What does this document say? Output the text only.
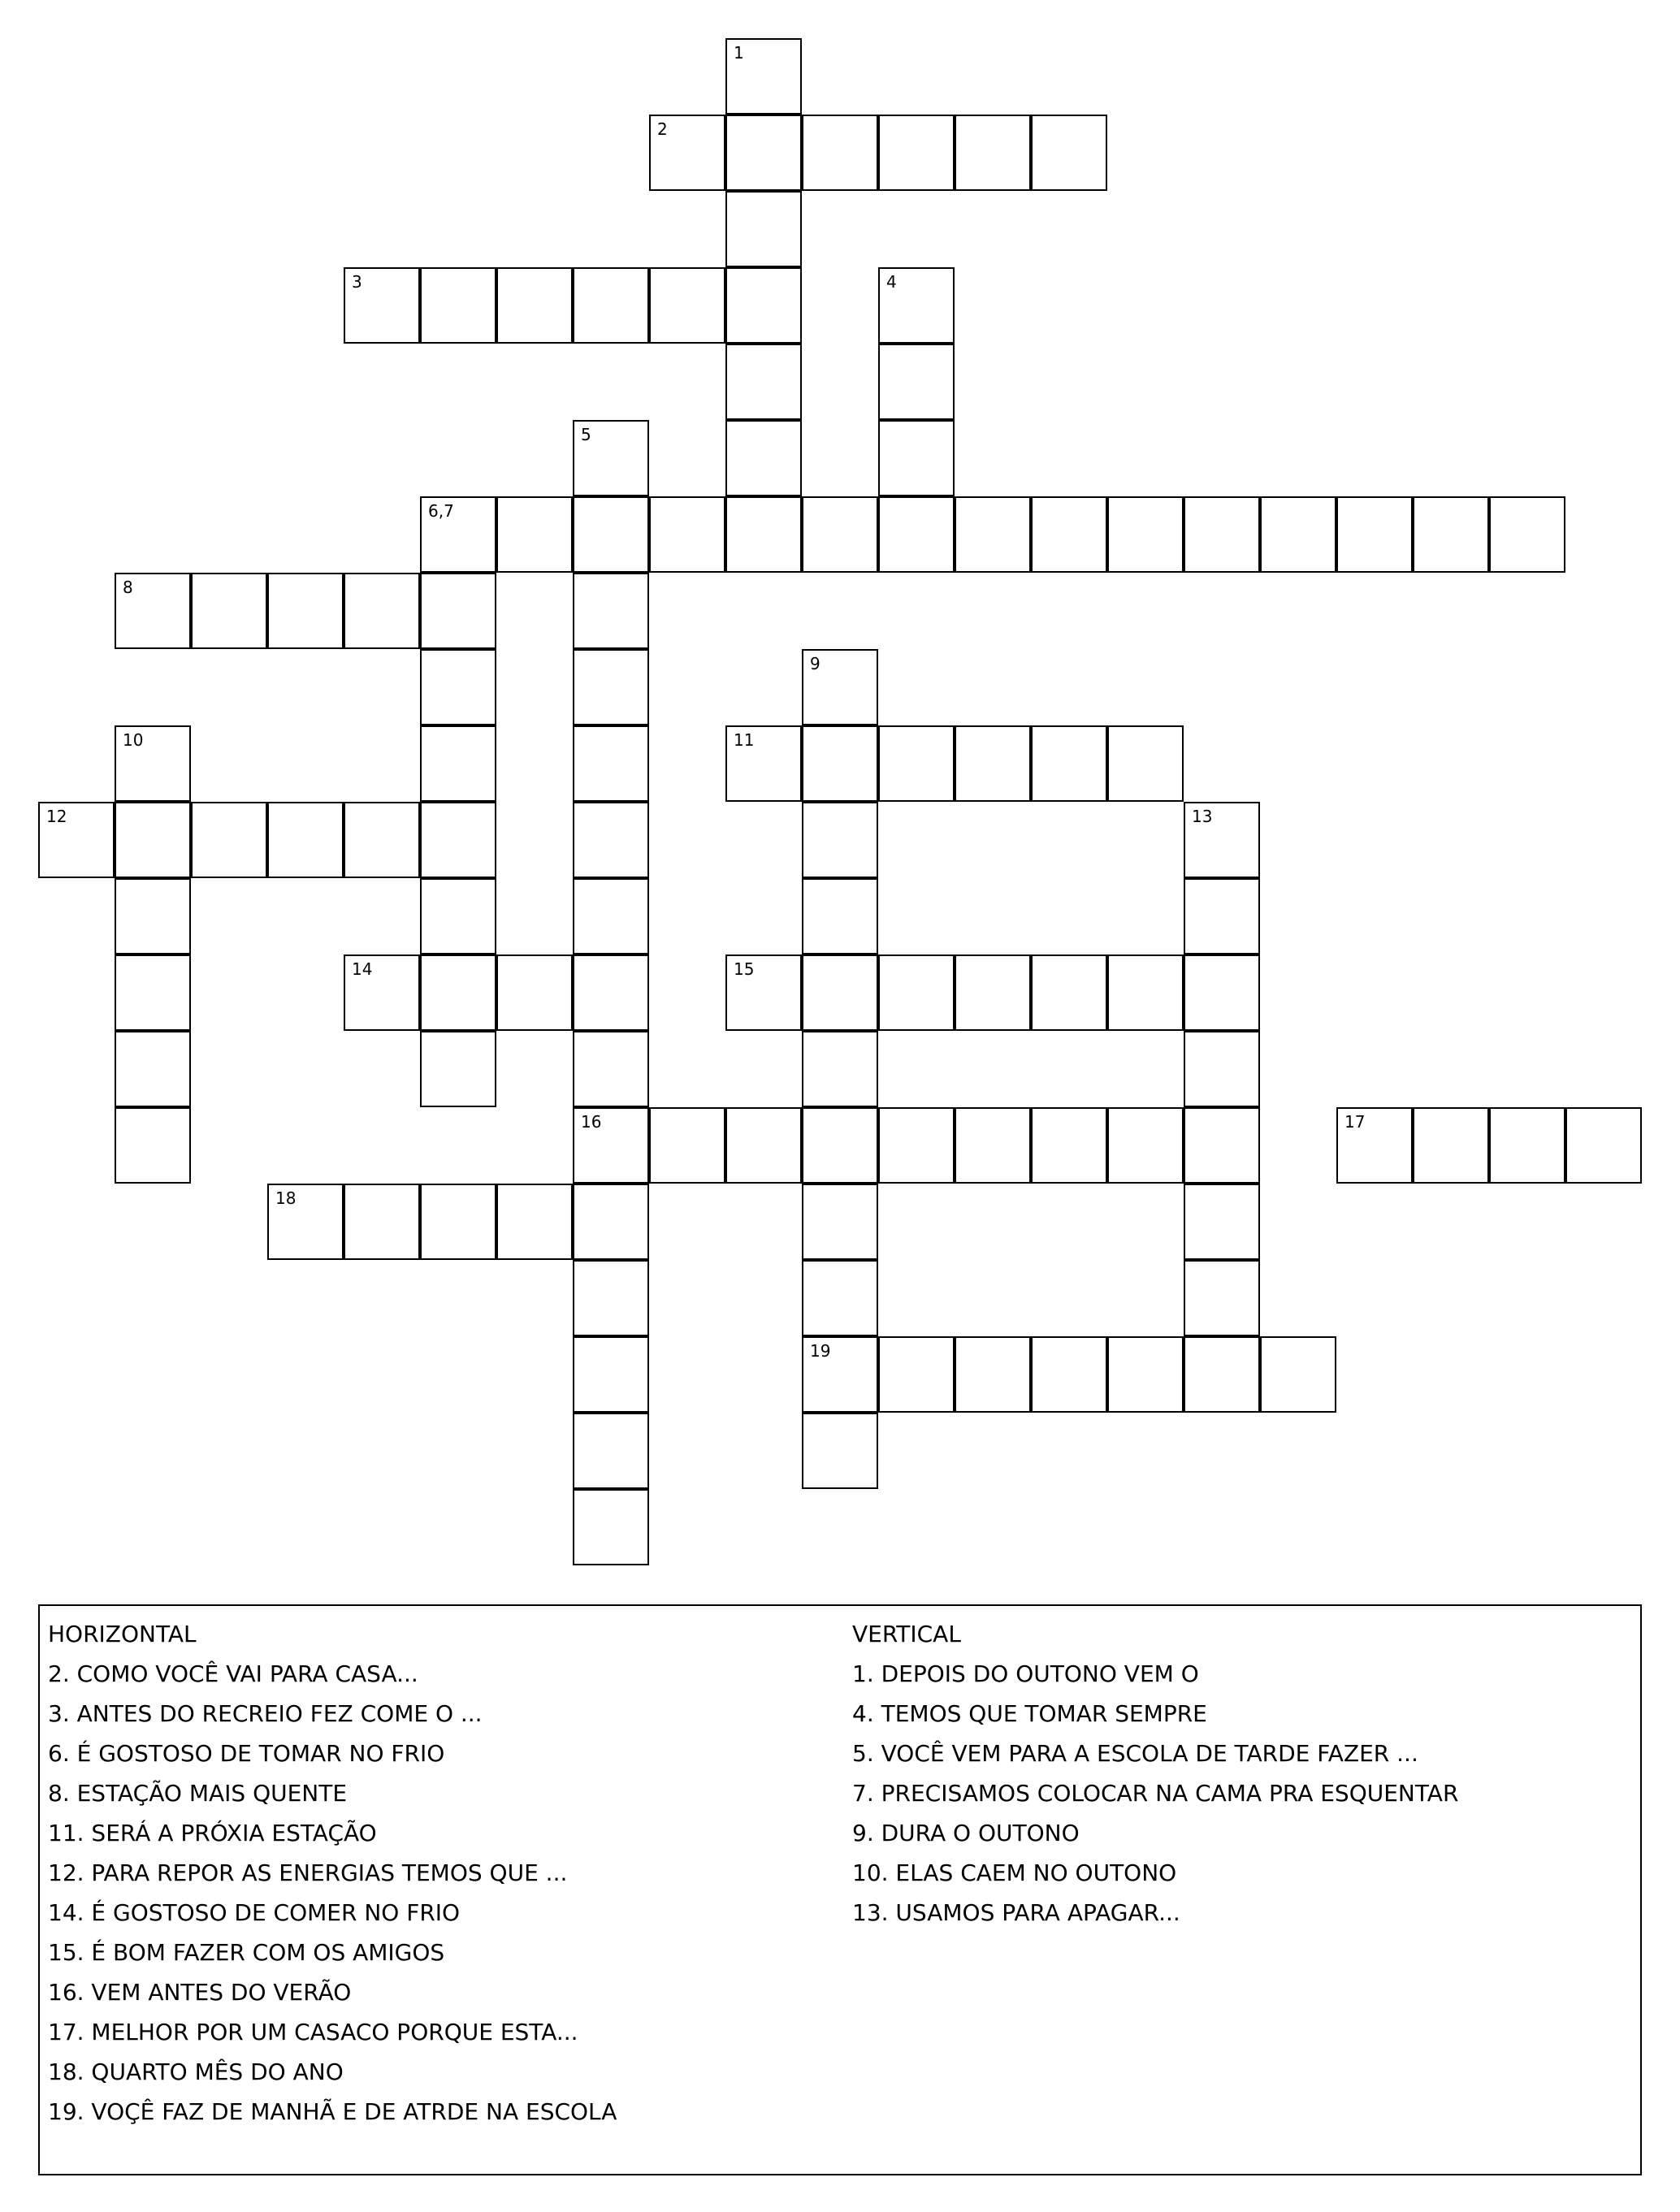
1
2
3	4
5
6,7
8
9
10	11
12	13
14	15
16	17
18
19
HORIZONTAL
2. COMO VOCÊ VAI PARA CASA...
3. ANTES DO RECREIO FEZ COME O ...
6. É GOSTOSO DE TOMAR NO FRIO
8. ESTAÇÃO MAIS QUENTE
11. SERÁ A PRÓXIA ESTAÇÃO
12. PARA REPOR AS ENERGIAS TEMOS QUE ...
14. É GOSTOSO DE COMER NO FRIO
15. É BOM FAZER COM OS AMIGOS
16. VEM ANTES DO VERÃO
17. MELHOR POR UM CASACO PORQUE ESTA...
18. QUARTO MÊS DO ANO
19. VOÇÊ FAZ DE MANHÃ E DE ATRDE NA ESCOLA
VERTICAL
1. DEPOIS DO OUTONO VEM O
4. TEMOS QUE TOMAR SEMPRE
5. VOCÊ VEM PARA A ESCOLA DE TARDE FAZER ...
7. PRECISAMOS COLOCAR NA CAMA PRA ESQUENTAR
9. DURA O OUTONO
10. ELAS CAEM NO OUTONO
13. USAMOS PARA APAGAR...
